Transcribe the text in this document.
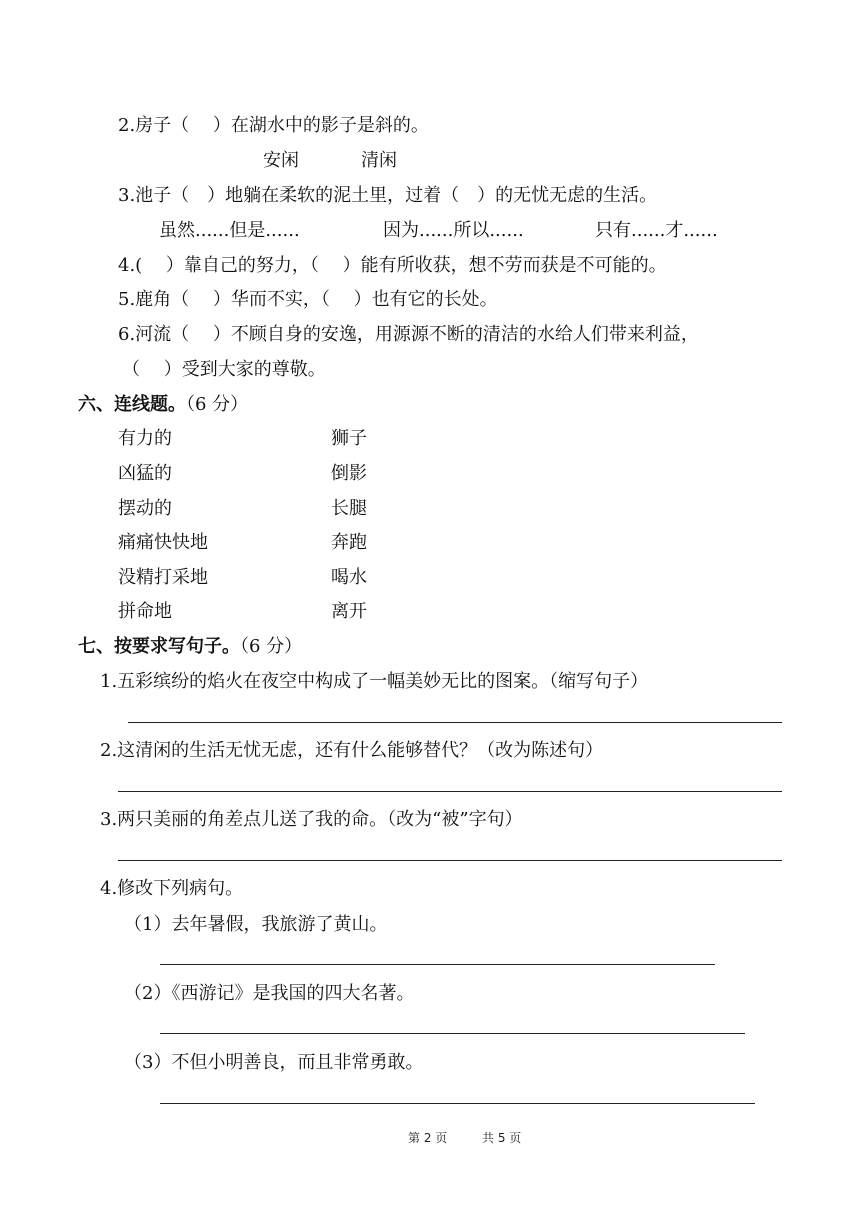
2.房子（　 ）在湖水中的影子是斜的。
安闲	清闲
3.池子（　）地躺在柔软的泥土里，过着（　）的无忧无虑的生活。
虽然......但是......	因为......所以......	只有......才......
4.(　 ）靠自己的努力，（　 ）能有所收获，想不劳而获是不可能的。
5.鹿角（　 ）华而不实，（　 ）也有它的长处。
6.河流（　 ）不顾自身的安逸，用源源不断的清洁的水给人们带来利益，
（　 ）受到大家的尊敬。
六、连线题。（6 分）
有力的	狮子
凶猛的	倒影
摆动的	长腿
痛痛快快地	奔跑
没精打采地	喝水
拼命地	离开
七、按要求写句子。（6 分）
1.五彩缤纷的焰火在夜空中构成了一幅美妙无比的图案。（缩写句子）
2.这清闲的生活无忧无虑，还有什么能够替代？（改为陈述句）
3.两只美丽的角差点儿送了我的命。（改为“被”字句）
4.修改下列病句。
（1）去年暑假，我旅游了黄山。
（2）《西游记》是我国的四大名著。
（3）不但小明善良，而且非常勇敢。
第 2 页	共 5 页
